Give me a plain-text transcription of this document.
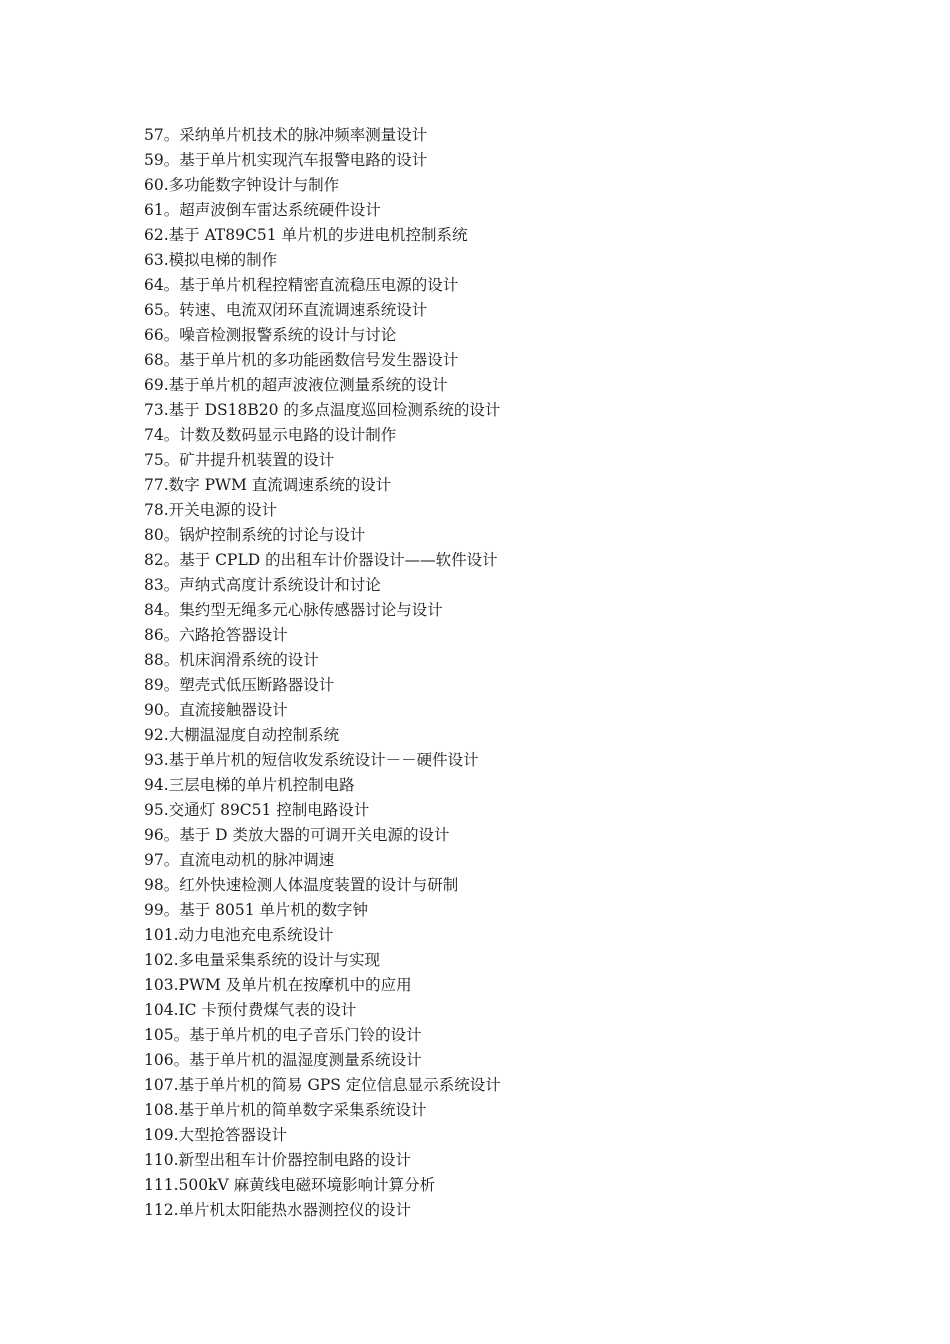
57。采纳单片机技术的脉冲频率测量设计
59。基于单片机实现汽车报警电路的设计
60.多功能数字钟设计与制作
61。超声波倒车雷达系统硬件设计
62.基于 AT89C51 单片机的步进电机控制系统
63.模拟电梯的制作
64。基于单片机程控精密直流稳压电源的设计
65。转速、电流双闭环直流调速系统设计
66。噪音检测报警系统的设计与讨论
68。基于单片机的多功能函数信号发生器设计
69.基于单片机的超声波液位测量系统的设计
73.基于 DS18B20 的多点温度巡回检测系统的设计
74。计数及数码显示电路的设计制作
75。矿井提升机装置的设计
77.数字 PWM 直流调速系统的设计
78.开关电源的设计
80。锅炉控制系统的讨论与设计
82。基于 CPLD 的出租车计价器设计——软件设计
83。声纳式高度计系统设计和讨论
84。集约型无绳多元心脉传感器讨论与设计
86。六路抢答器设计
88。机床润滑系统的设计
89。塑壳式低压断路器设计
90。直流接触器设计
92.大棚温湿度自动控制系统
93.基于单片机的短信收发系统设计－－硬件设计
94.三层电梯的单片机控制电路
95.交通灯 89C51 控制电路设计
96。基于 D 类放大器的可调开关电源的设计
97。直流电动机的脉冲调速
98。红外快速检测人体温度装置的设计与研制
99。基于 8051 单片机的数字钟
101.动力电池充电系统设计
102.多电量采集系统的设计与实现
103.PWM 及单片机在按摩机中的应用
104.IC 卡预付费煤气表的设计
105。基于单片机的电子音乐门铃的设计
106。基于单片机的温湿度测量系统设计
107.基于单片机的简易 GPS 定位信息显示系统设计
108.基于单片机的简单数字采集系统设计
109.大型抢答器设计
110.新型出租车计价器控制电路的设计
111.500kV 麻黄线电磁环境影响计算分析
112.单片机太阳能热水器测控仪的设计
